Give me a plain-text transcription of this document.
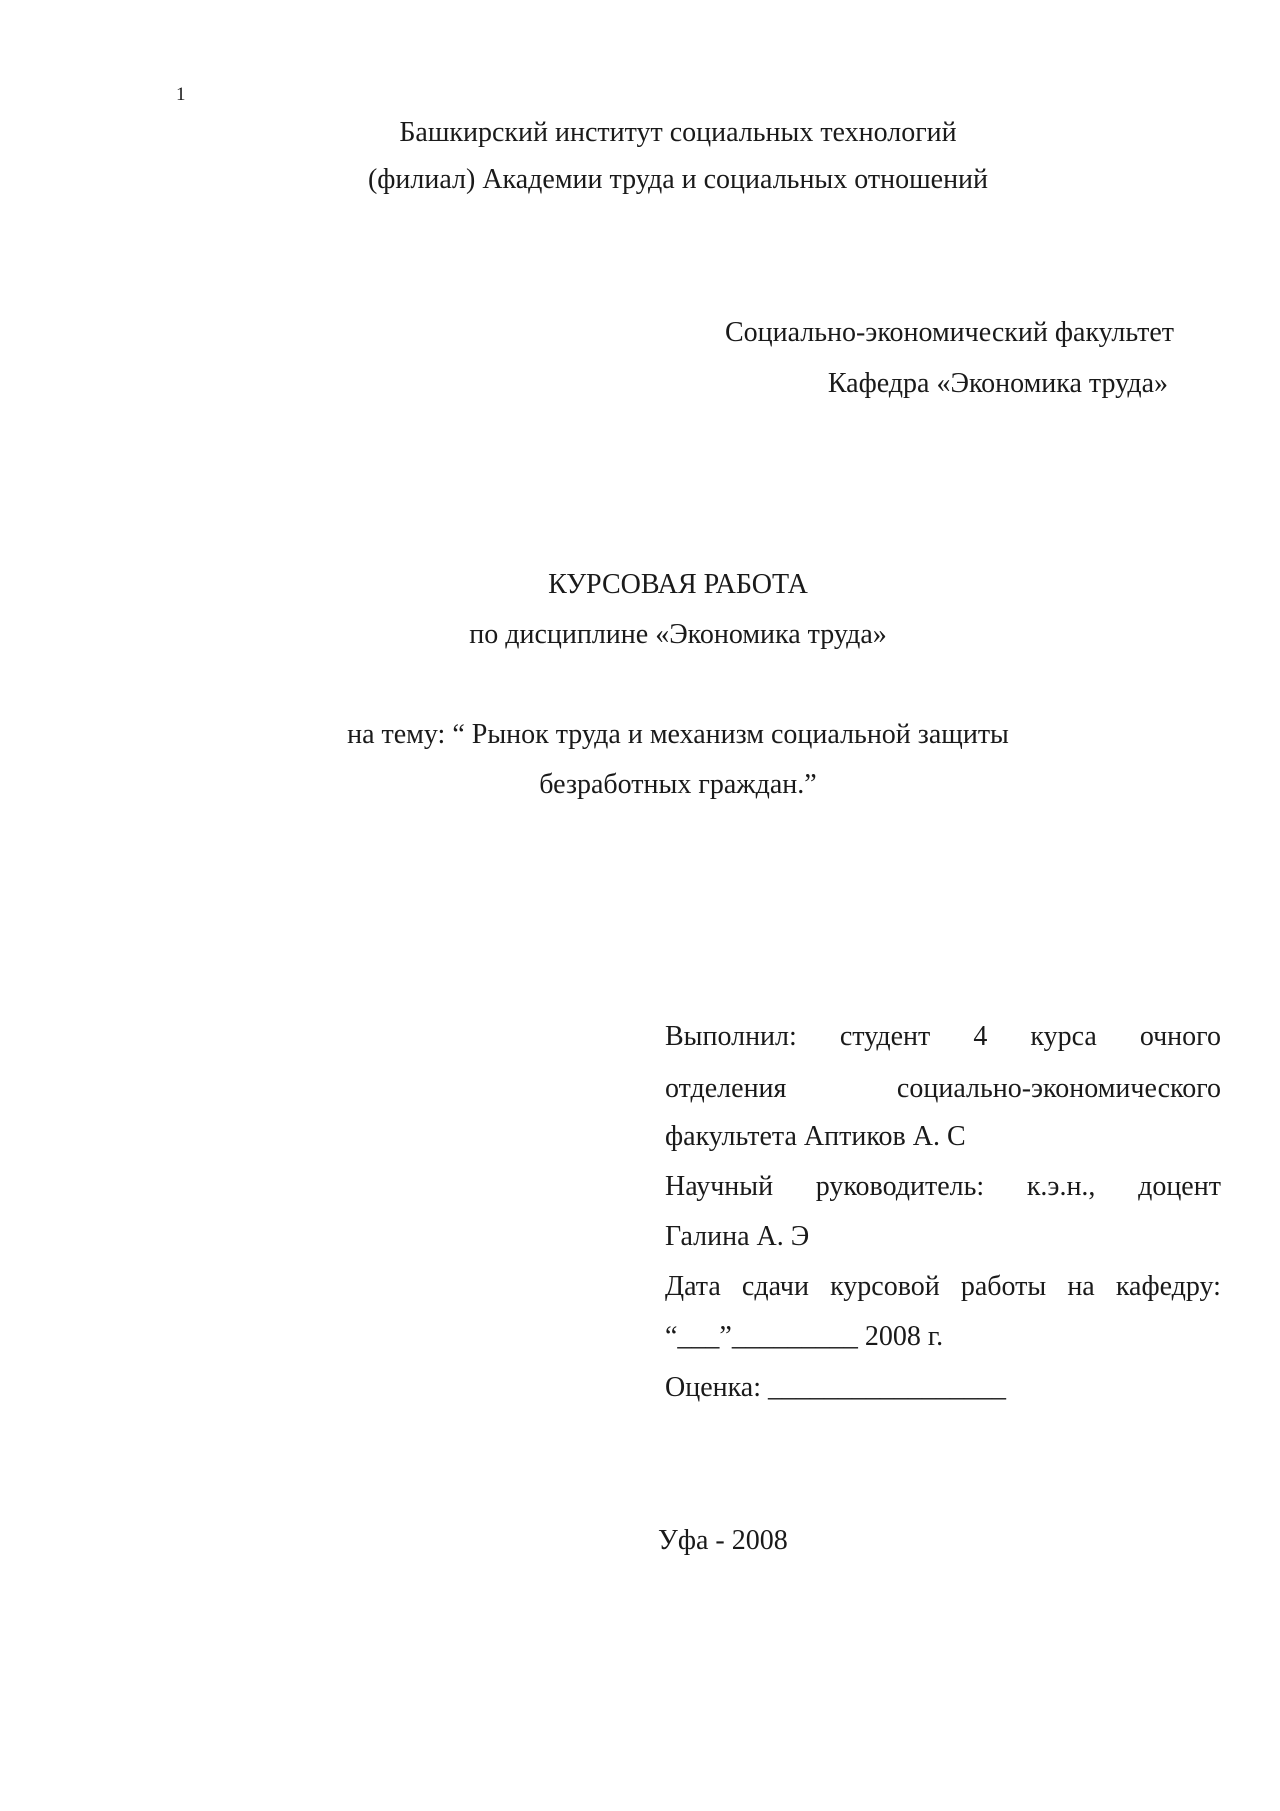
1
Башкирский институт социальных технологий
(филиал) Академии труда и социальных отношений
Социально-экономический факультет
Кафедра «Экономика труда»
КУРСОВАЯ РАБОТА
по дисциплине «Экономика труда»
на тему: “ Рынок труда и механизм социальной защиты
безработных граждан.”
Выполнил: студент 4 курса очного
отделения	социально-экономического
факультета Аптиков А. С
Научный руководитель: к.э.н., доцент
Галина А. Э
Дата сдачи курсовой работы на кафедру:
“___”_________ 2008 г.
Оценка: _________________
Уфа - 2008
